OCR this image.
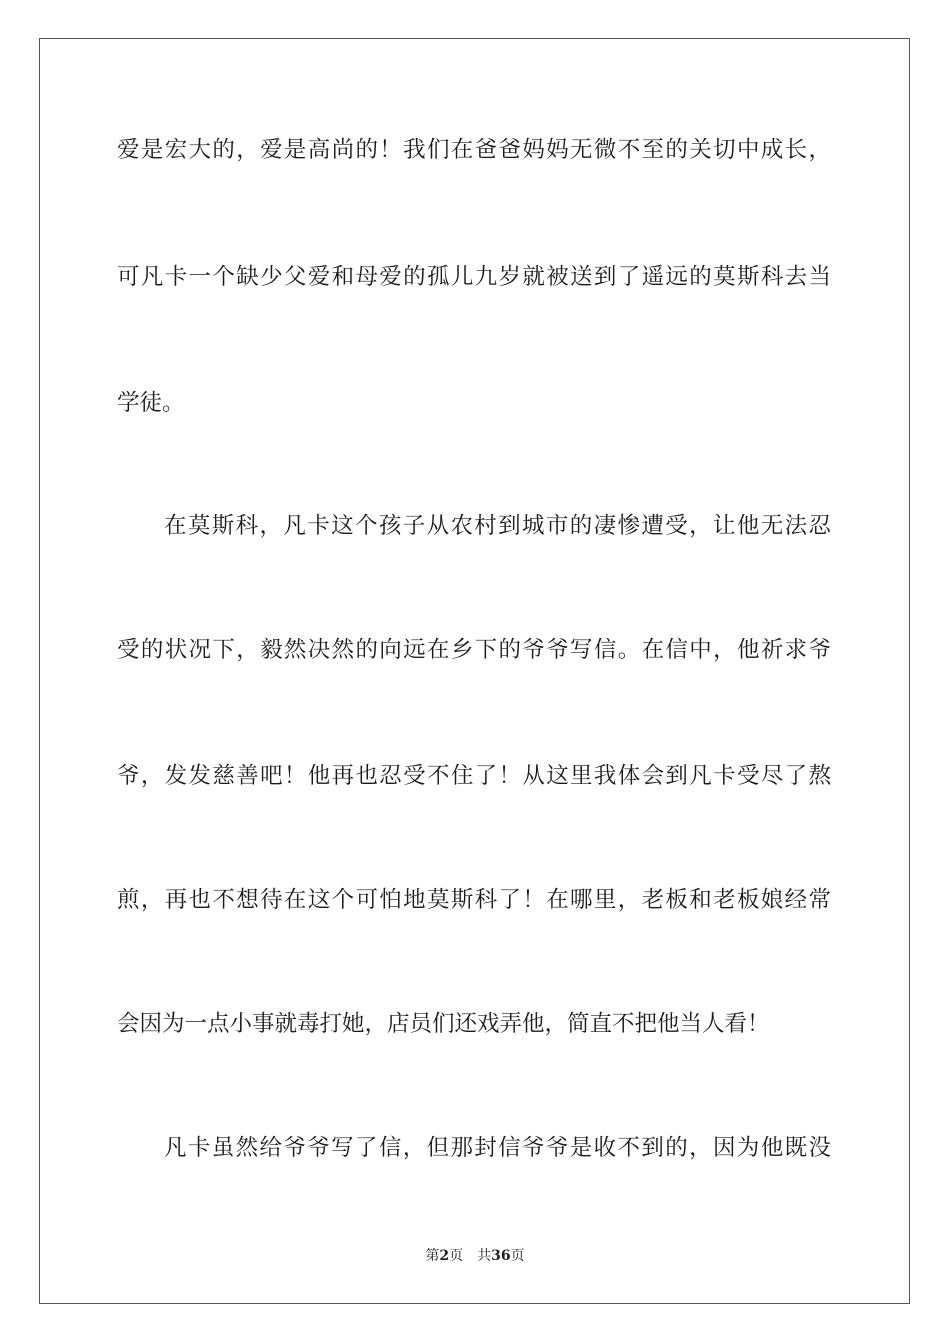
爱是宏大的，爱是高尚的！我们在爸爸妈妈无微不至的关切中成长，
可凡卡一个缺少父爱和母爱的孤儿九岁就被送到了遥远的莫斯科去当
学徒。
在莫斯科，凡卡这个孩子从农村到城市的凄惨遭受，让他无法忍
受的状况下，毅然决然的向远在乡下的爷爷写信。在信中，他祈求爷
爷，发发慈善吧！他再也忍受不住了！从这里我体会到凡卡受尽了熬
煎，再也不想待在这个可怕地莫斯科了！在哪里，老板和老板娘经常
会因为一点小事就毒打她，店员们还戏弄他，简直不把他当人看！
凡卡虽然给爷爷写了信，但那封信爷爷是收不到的，因为他既没
第2页 共36页
